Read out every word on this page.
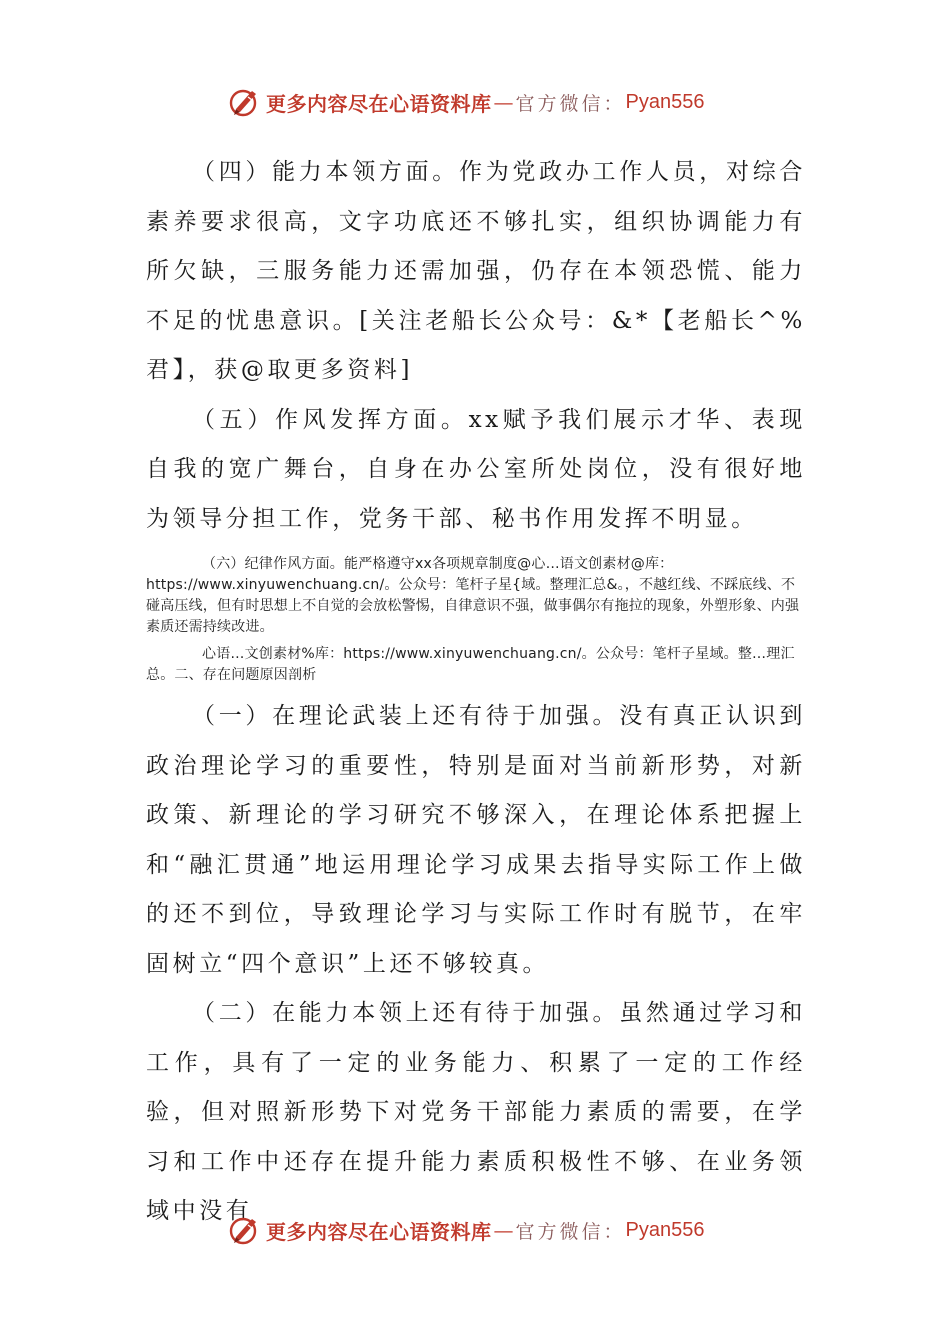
更多内容尽在心语资料库 — 官方微信： Pyan556

（四）能力本领方面。作为党政办工作人员，对综合素养要求很高，文字功底还不够扎实，组织协调能力有所欠缺，三服务能力还需加强，仍存在本领恐慌、能力不足的忧患意识。[关注老船长公众号：&*【老船长^%君】，获@取更多资料]

（五）作风发挥方面。xx赋予我们展示才华、表现自我的宽广舞台，自身在办公室所处岗位，没有很好地为领导分担工作，党务干部、秘书作用发挥不明显。

（六）纪律作风方面。能严格遵守xx各项规章制度@心…语文创素材@库：https://www.xinyuwenchuang.cn/。公众号：笔杆子星{域。整理汇总&。，不越红线、不踩底线、不碰高压线，但有时思想上不自觉的会放松警惕，自律意识不强，做事偶尔有拖拉的现象，外塑形象、内强素质还需持续改进。

心语…文创素材%库：https://www.xinyuwenchuang.cn/。公众号：笔杆子星域。整…理汇总。二、存在问题原因剖析

（一）在理论武装上还有待于加强。没有真正认识到政治理论学习的重要性，特别是面对当前新形势，对新政策、新理论的学习研究不够深入，在理论体系把握上和“融汇贯通”地运用理论学习成果去指导实际工作上做的还不到位，导致理论学习与实际工作时有脱节，在牢固树立“四个意识”上还不够较真。

（二）在能力本领上还有待于加强。虽然通过学习和工作，具有了一定的业务能力、积累了一定的工作经验，但对照新形势下对党务干部能力素质的需要，在学习和工作中还存在提升能力素质积极性不够、在业务领域中没有

更多内容尽在心语资料库 — 官方微信： Pyan556
